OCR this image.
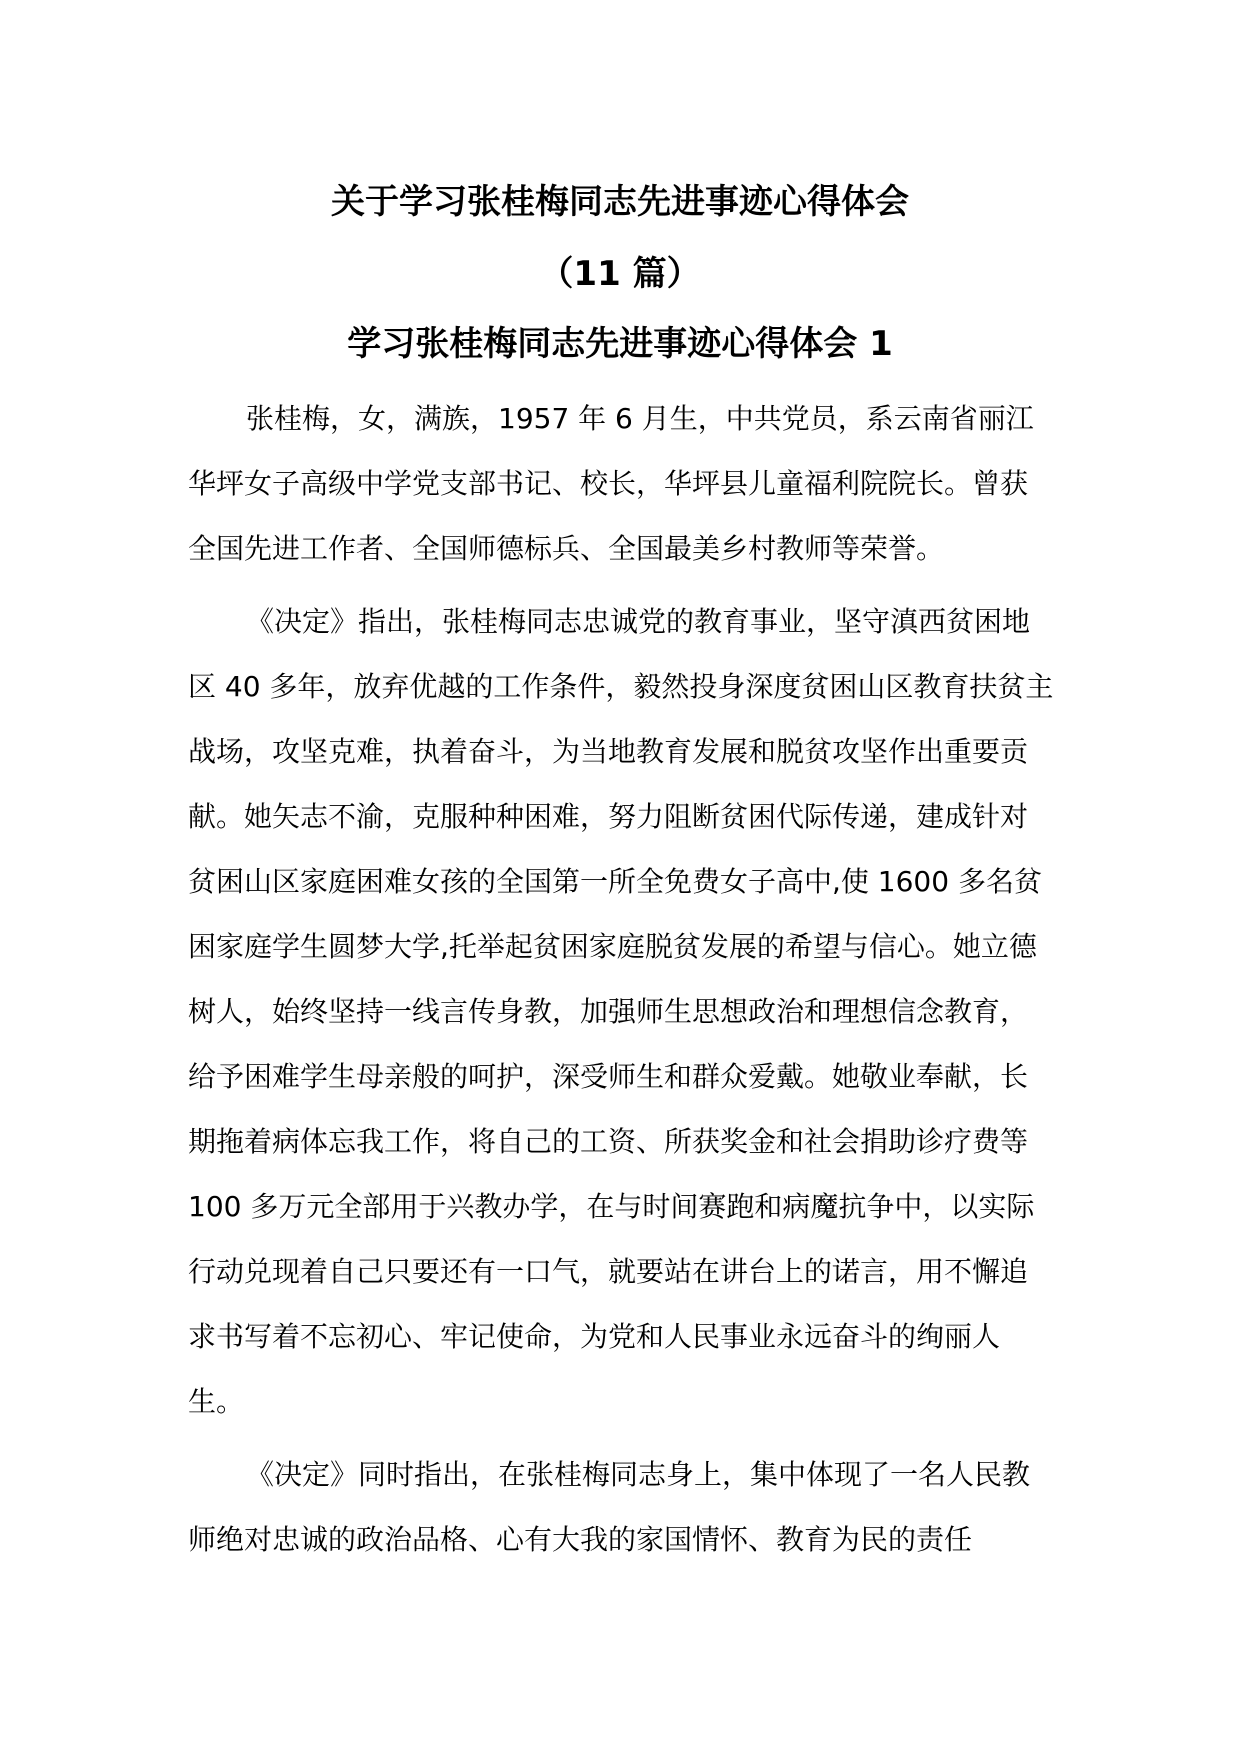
关于学习张桂梅同志先进事迹心得体会
（11 篇）
学习张桂梅同志先进事迹心得体会 1

张桂梅，女，满族，1957 年 6 月生，中共党员，系云南省丽江华坪女子高级中学党支部书记、校长，华坪县儿童福利院院长。曾获全国先进工作者、全国师德标兵、全国最美乡村教师等荣誉。

《决定》指出，张桂梅同志忠诚党的教育事业，坚守滇西贫困地区 40 多年，放弃优越的工作条件，毅然投身深度贫困山区教育扶贫主战场，攻坚克难，执着奋斗，为当地教育发展和脱贫攻坚作出重要贡献。她矢志不渝，克服种种困难，努力阻断贫困代际传递，建成针对贫困山区家庭困难女孩的全国第一所全免费女子高中,使 1600 多名贫困家庭学生圆梦大学,托举起贫困家庭脱贫发展的希望与信心。她立德树人，始终坚持一线言传身教，加强师生思想政治和理想信念教育，给予困难学生母亲般的呵护，深受师生和群众爱戴。她敬业奉献，长期拖着病体忘我工作，将自己的工资、所获奖金和社会捐助诊疗费等 100 多万元全部用于兴教办学，在与时间赛跑和病魔抗争中，以实际行动兑现着自己只要还有一口气，就要站在讲台上的诺言，用不懈追求书写着不忘初心、牢记使命，为党和人民事业永远奋斗的绚丽人生。

《决定》同时指出，在张桂梅同志身上，集中体现了一名人民教师绝对忠诚的政治品格、心有大我的家国情怀、教育为民的责任
